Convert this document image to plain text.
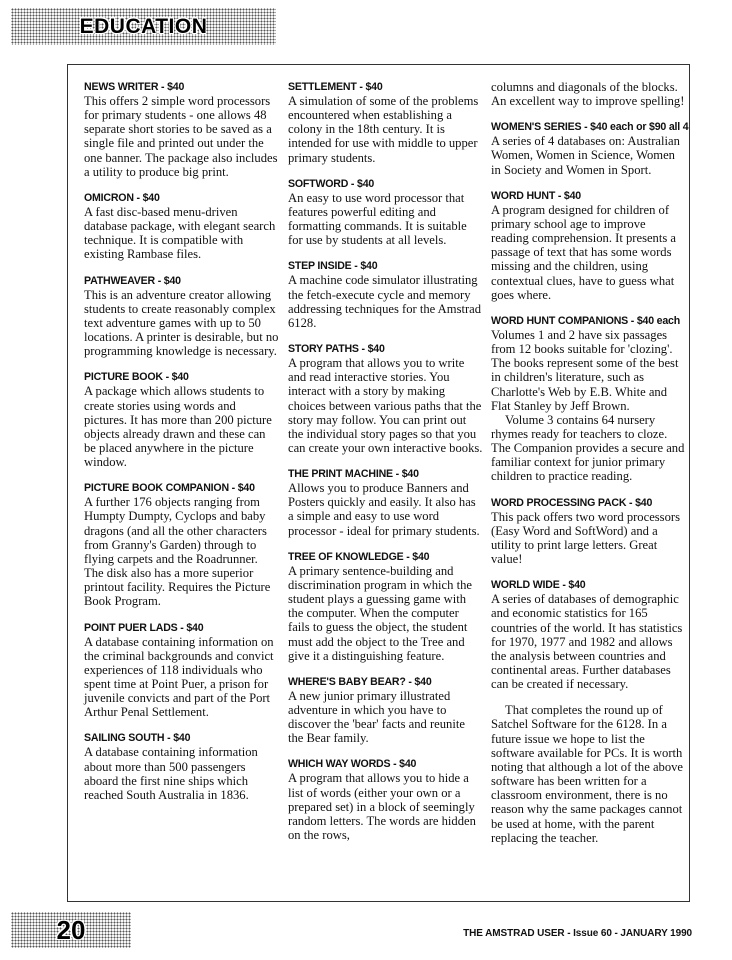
EDUCATION
NEWS WRITER - $40

This offers 2 simple word processors for primary students - one allows 48 separate short stories to be saved as a single file and printed out under the one banner. The package also includes a utility to produce big print.

OMICRON - $40

A fast disc-based menu-driven database package, with elegant search technique. It is compatible with existing Rambase files.

PATHWEAVER - $40

This is an adventure creator allowing students to create reasonably complex text adventure games with up to 50 locations. A printer is desirable, but no programming knowledge is necessary.

PICTURE BOOK - $40

A package which allows students to create stories using words and pictures. It has more than 200 picture objects already drawn and these can be placed anywhere in the picture window.

PICTURE BOOK COMPANION - $40

A further 176 objects ranging from Humpty Dumpty, Cyclops and baby dragons (and all the other characters from Granny's Garden) through to flying carpets and the Roadrunner. The disk also has a more superior printout facility. Requires the Picture Book Program.

POINT PUER LADS - $40

A database containing information on the criminal backgrounds and convict experiences of 118 individuals who spent time at Point Puer, a prison for juvenile convicts and part of the Port Arthur Penal Settlement.

SAILING SOUTH - $40

A database containing information about more than 500 passengers aboard the first nine ships which reached South Australia in 1836.

SETTLEMENT - $40

A simulation of some of the problems encountered when establishing a colony in the 18th century. It is intended for use with middle to upper primary students.

SOFTWORD - $40

An easy to use word processor that features powerful editing and formatting commands. It is suitable for use by students at all levels.

STEP INSIDE - $40

A machine code simulator illustrating the fetch-execute cycle and memory addressing techniques for the Amstrad 6128.

STORY PATHS - $40

A program that allows you to write and read interactive stories. You interact with a story by making choices between various paths that the story may follow. You can print out the individual story pages so that you can create your own interactive books.

THE PRINT MACHINE - $40

Allows you to produce Banners and Posters quickly and easily. It also has a simple and easy to use word processor - ideal for primary students.

TREE OF KNOWLEDGE - $40

A primary sentence-building and discrimination program in which the student plays a guessing game with the computer. When the computer fails to guess the object, the student must add the object to the Tree and give it a distinguishing feature.

WHERE'S BABY BEAR? - $40

A new junior primary illustrated adventure in which you have to discover the 'bear' facts and reunite the Bear family.

WHICH WAY WORDS - $40

A program that allows you to hide a list of words (either your own or a prepared set) in a block of seemingly random letters. The words are hidden on the rows,

columns and diagonals of the blocks. An excellent way to improve spelling!

WOMEN'S SERIES - $40 each or $90 all 4

A series of 4 databases on: Australian Women, Women in Science, Women in Society and Women in Sport.

WORD HUNT - $40

A program designed for children of primary school age to improve reading comprehension. It presents a passage of text that has some words missing and the children, using contextual clues, have to guess what goes where.

WORD HUNT COMPANIONS - $40 each

Volumes 1 and 2 have six passages from 12 books suitable for 'clozing'. The books represent some of the best in children's literature, such as Charlotte's Web by E.B. White and Flat Stanley by Jeff Brown.

Volume 3 contains 64 nursery rhymes ready for teachers to cloze. The Companion provides a secure and familiar context for junior primary children to practice reading.

WORD PROCESSING PACK - $40

This pack offers two word processors (Easy Word and SoftWord) and a utility to print large letters. Great value!

WORLD WIDE - $40

A series of databases of demographic and economic statistics for 165 countries of the world. It has statistics for 1970, 1977 and 1982 and allows the analysis between countries and continental areas. Further databases can be created if necessary.

That completes the round up of Satchel Software for the 6128. In a future issue we hope to list the software available for PCs. It is worth noting that although a lot of the above software has been written for a classroom environment, there is no reason why the same packages cannot be used at home, with the parent replacing the teacher.

20	THE AMSTRAD USER - Issue 60 - JANUARY 1990
